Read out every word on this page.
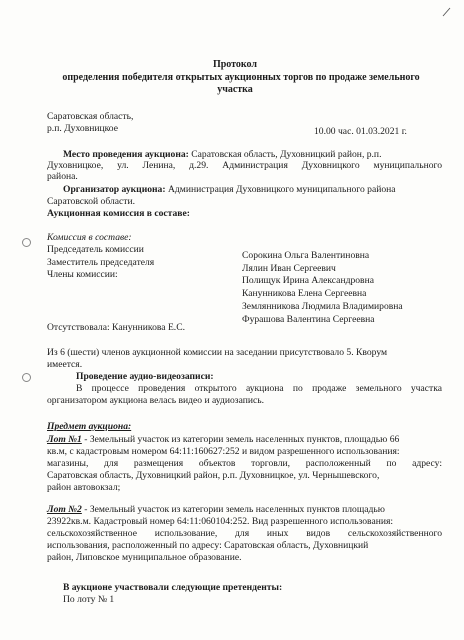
Протокол
определения победителя открытых аукционных торгов по продаже земельного
участка
Саратовская область,
р.п. Духовницкое	10.00 час. 01.03.2021 г.
Место проведения аукциона: Саратовская область, Духовницкий район, р.п.
Духовницкое, ул. Ленина, д.29. Администрация Духовницкого муниципального
района.
Организатор аукциона: Администрация Духовницкого муниципального района
Саратовской области.
Аукционная комиссия в составе:
Комиссия в составе:
Председатель комиссии
Заместитель председателя
Члены комиссии:
Сорокина Ольга Валентиновна
Лялин Иван Сергеевич
Полищук Ирина Александровна
Канунникова Елена Сергеевна
Землянникова Людмила Владимировна
Фурашова Валентина Сергеевна
Отсутствовала: Канунникова Е.С.
Из 6 (шести) членов аукционной комиссии на заседании присутствовало 5. Кворум
имеется.
Проведение аудио-видеозаписи:
В процессе проведения открытого аукциона по продаже земельного участка
организатором аукциона велась видео и аудиозапись.
Предмет аукциона:
Лот №1 - Земельный участок из категории земель населенных пунктов, площадью 66
кв.м, с кадастровым номером 64:11:160627:252 и видом разрешенного использования:
магазины, для размещения объектов торговли, расположенный по адресу:
Саратовская область, Духовницкий район, р.п. Духовницкое, ул. Чернышевского,
район автовокзал;
Лот №2 - Земельный участок из категории земель населенных пунктов площадью
23922кв.м. Кадастровый номер 64:11:060104:252. Вид разрешенного использования:
сельскохозяйственное использование, для иных видов сельскохозяйственного
использования, расположенный по адресу: Саратовская область, Духовницкий
район, Липовское муниципальное образование.
В аукционе участвовали следующие претенденты:
По лоту № 1
